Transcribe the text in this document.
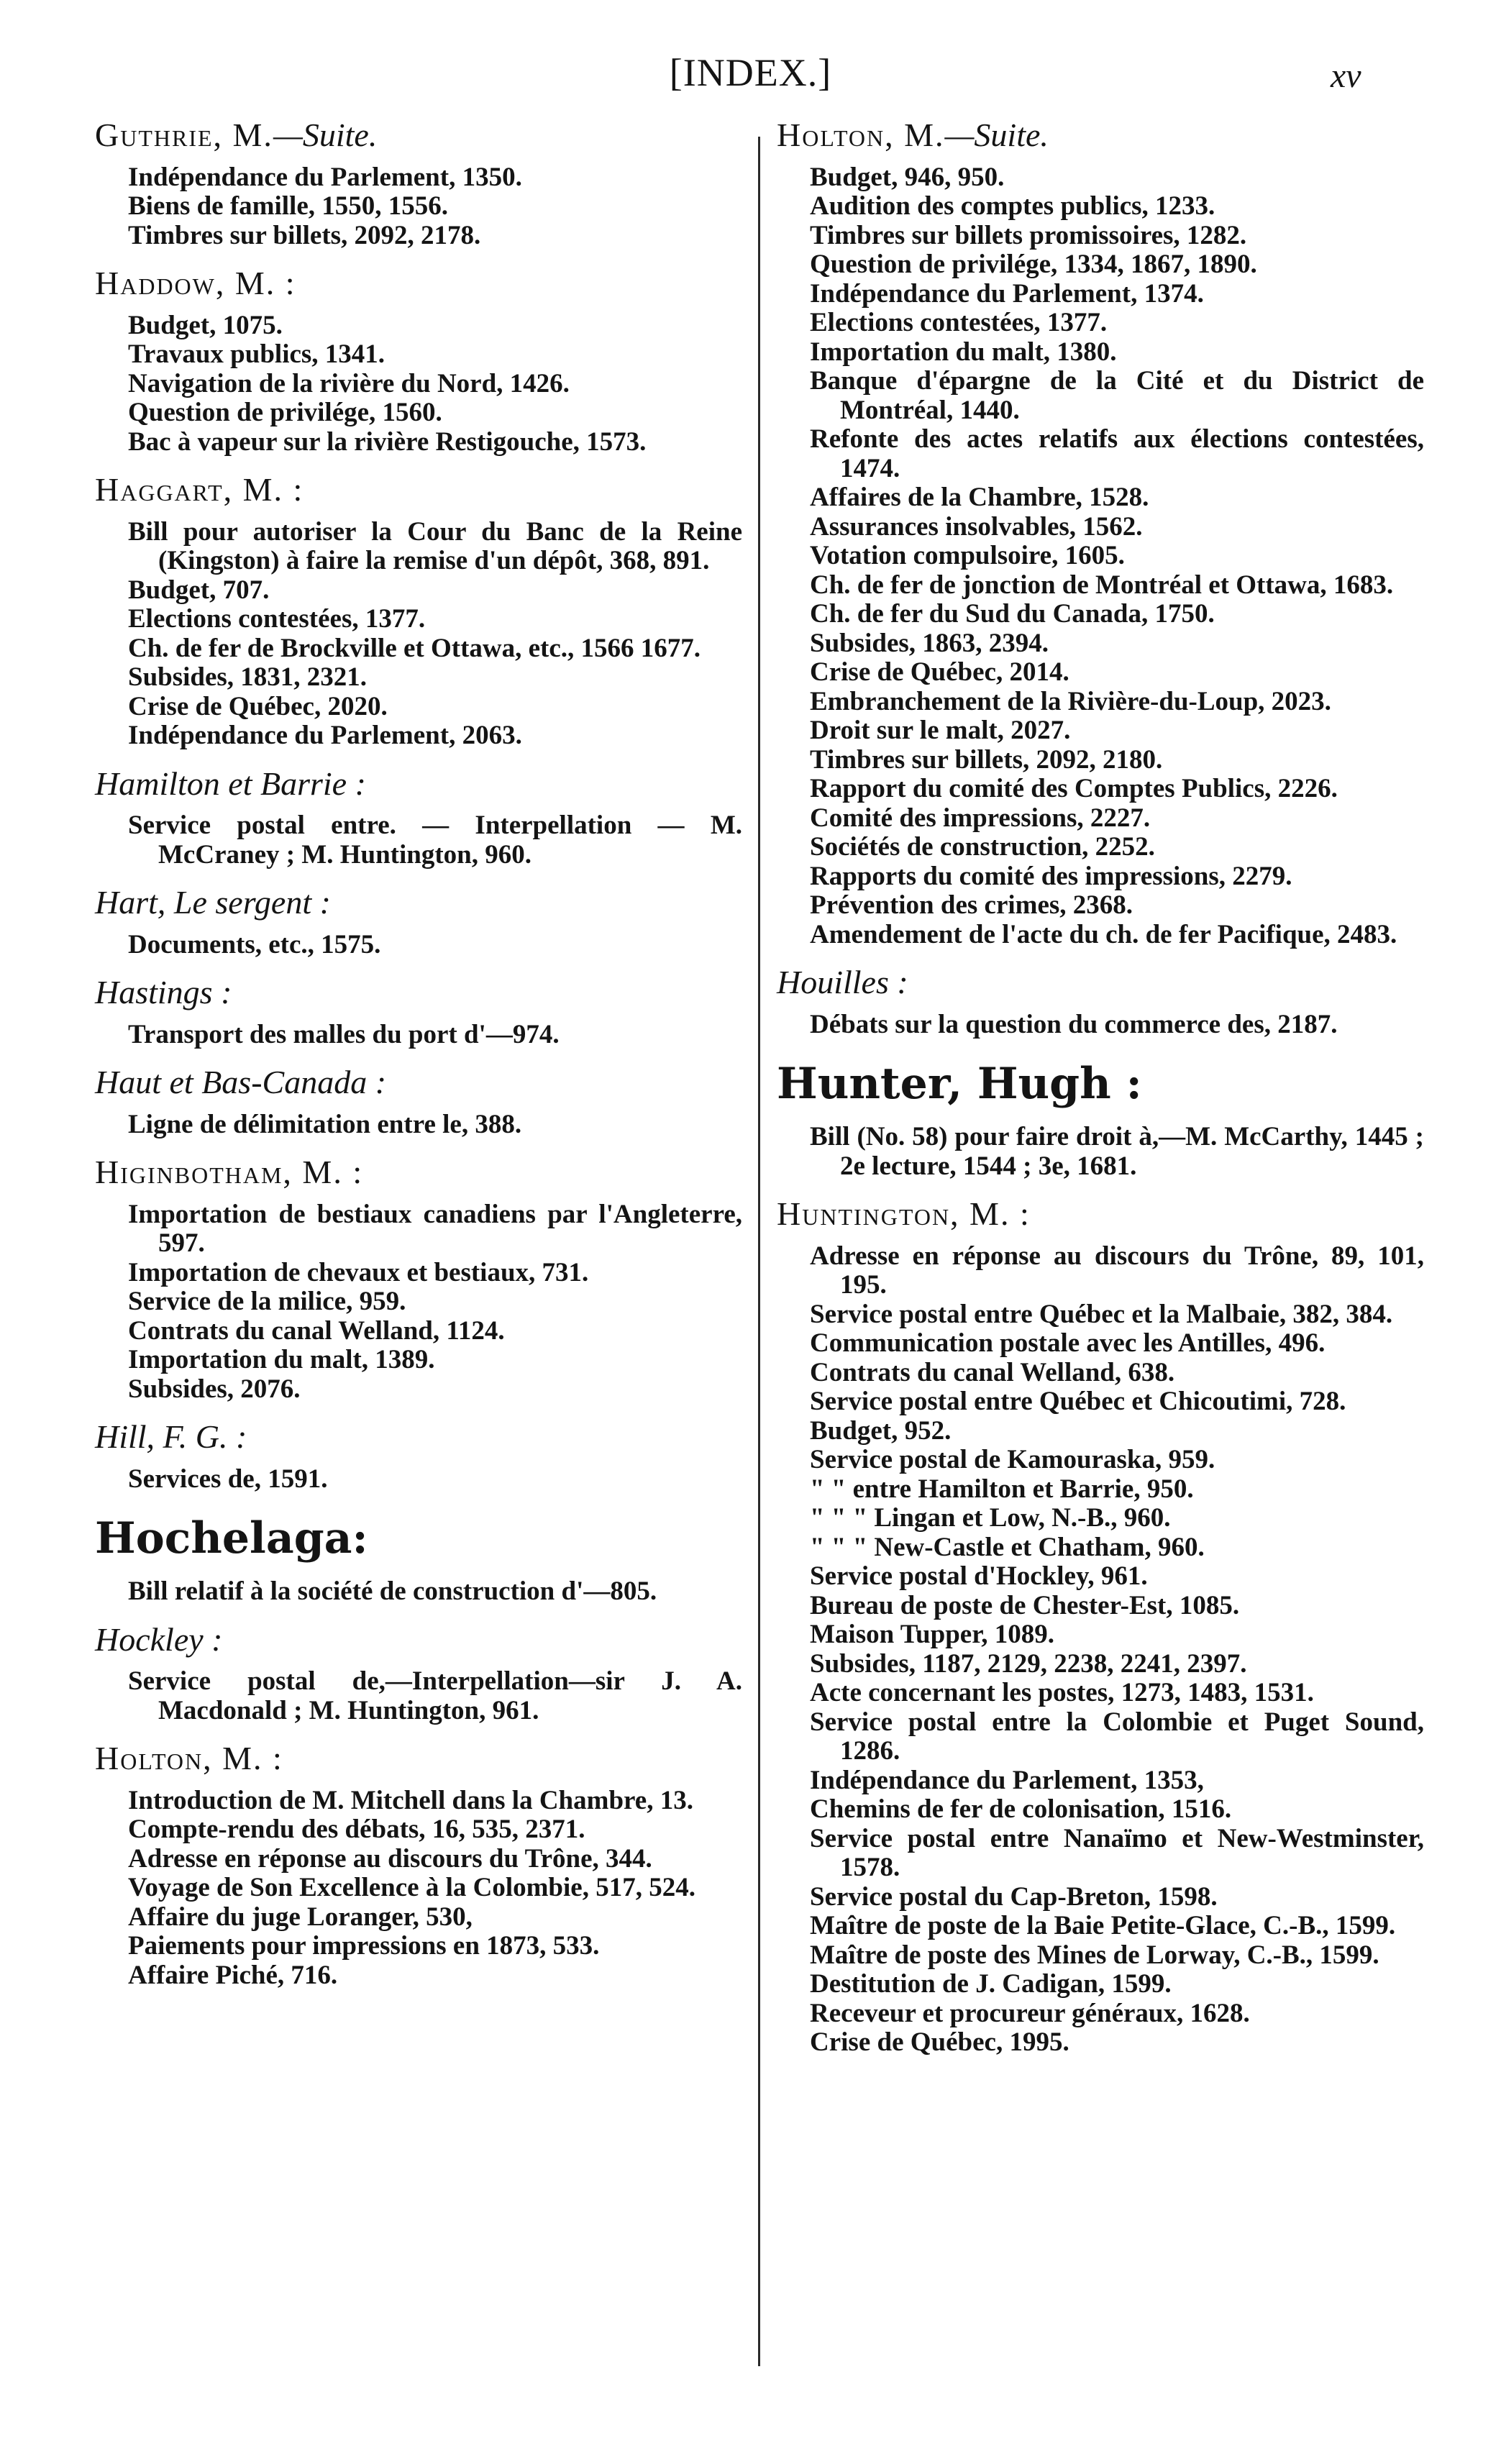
[INDEX.]	xv
Guthrie, M.—Suite.
Indépendance du Parlement, 1350.
Biens de famille, 1550, 1556.
Timbres sur billets, 2092, 2178.
Haddow, M. :
Budget, 1075.
Travaux publics, 1341.
Navigation de la rivière du Nord, 1426.
Question de privilége, 1560.
Bac à vapeur sur la rivière Restigouche, 1573.
Haggart, M. :
Bill pour autoriser la Cour du Banc de la Reine (Kingston) à faire la remise d'un dépôt, 368, 891.
Budget, 707.
Elections contestées, 1377.
Ch. de fer de Brockville et Ottawa, etc., 1566 1677.
Subsides, 1831, 2321.
Crise de Québec, 2020.
Indépendance du Parlement, 2063.
Hamilton et Barrie :
Service postal entre. — Interpellation — M. McCraney ; M. Huntington, 960.
Hart, Le sergent :
Documents, etc., 1575.
Hastings :
Transport des malles du port d'—974.
Haut et Bas-Canada :
Ligne de délimitation entre le, 388.
Higinbotham, M. :
Importation de bestiaux canadiens par l'Angleterre, 597.
Importation de chevaux et bestiaux, 731.
Service de la milice, 959.
Contrats du canal Welland, 1124.
Importation du malt, 1389.
Subsides, 2076.
Hill, F. G. :
Services de, 1591.
Hochelaga:
Bill relatif à la société de construction d'—805.
Hockley :
Service postal de,—Interpellation—sir J. A. Macdonald ; M. Huntington, 961.
Holton, M. :
Introduction de M. Mitchell dans la Chambre, 13.
Compte-rendu des débats, 16, 535, 2371.
Adresse en réponse au discours du Trône, 344.
Voyage de Son Excellence à la Colombie, 517, 524.
Affaire du juge Loranger, 530,
Paiements pour impressions en 1873, 533.
Affaire Piché, 716.
Holton, M.—Suite.
Budget, 946, 950.
Audition des comptes publics, 1233.
Timbres sur billets promissoires, 1282.
Question de privilége, 1334, 1867, 1890.
Indépendance du Parlement, 1374.
Elections contestées, 1377.
Importation du malt, 1380.
Banque d'épargne de la Cité et du District de Montréal, 1440.
Refonte des actes relatifs aux élections contestées, 1474.
Affaires de la Chambre, 1528.
Assurances insolvables, 1562.
Votation compulsoire, 1605.
Ch. de fer de jonction de Montréal et Ottawa, 1683.
Ch. de fer du Sud du Canada, 1750.
Subsides, 1863, 2394.
Crise de Québec, 2014.
Embranchement de la Rivière-du-Loup, 2023.
Droit sur le malt, 2027.
Timbres sur billets, 2092, 2180.
Rapport du comité des Comptes Publics, 2226.
Comité des impressions, 2227.
Sociétés de construction, 2252.
Rapports du comité des impressions, 2279.
Prévention des crimes, 2368.
Amendement de l'acte du ch. de fer Pacifique, 2483.
Houilles :
Débats sur la question du commerce des, 2187.
Hunter, Hugh :
Bill (No. 58) pour faire droit à,—M. McCarthy, 1445 ; 2e lecture, 1544 ; 3e, 1681.
Huntington, M. :
Adresse en réponse au discours du Trône, 89, 101, 195.
Service postal entre Québec et la Malbaie, 382, 384.
Communication postale avec les Antilles, 496.
Contrats du canal Welland, 638.
Service postal entre Québec et Chicoutimi, 728.
Budget, 952.
Service postal de Kamouraska, 959.
" " entre Hamilton et Barrie, 950.
" " " Lingan et Low, N.-B., 960.
" " " New-Castle et Chatham, 960.
Service postal d'Hockley, 961.
Bureau de poste de Chester-Est, 1085.
Maison Tupper, 1089.
Subsides, 1187, 2129, 2238, 2241, 2397.
Acte concernant les postes, 1273, 1483, 1531.
Service postal entre la Colombie et Puget Sound, 1286.
Indépendance du Parlement, 1353,
Chemins de fer de colonisation, 1516.
Service postal entre Nanaïmo et New-Westminster, 1578.
Service postal du Cap-Breton, 1598.
Maître de poste de la Baie Petite-Glace, C.-B., 1599.
Maître de poste des Mines de Lorway, C.-B., 1599.
Destitution de J. Cadigan, 1599.
Receveur et procureur généraux, 1628.
Crise de Québec, 1995.
